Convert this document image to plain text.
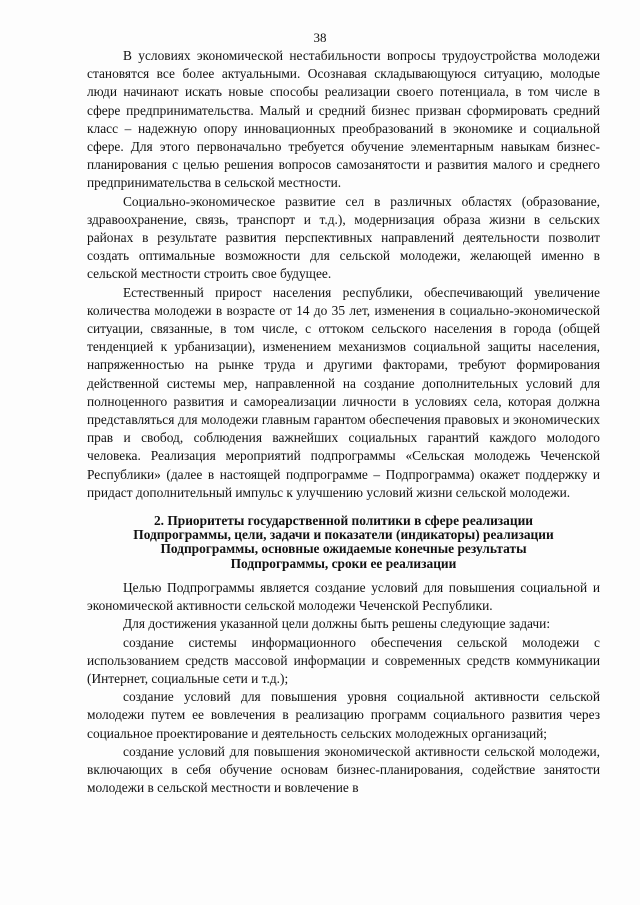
38

В условиях экономической нестабильности вопросы трудоустройства молодежи становятся все более актуальными. Осознавая складывающуюся ситуацию, молодые люди начинают искать новые способы реализации своего потенциала, в том числе в сфере предпринимательства. Малый и средний бизнес призван сформировать средний класс – надежную опору инновационных преобразований в экономике и социальной сфере. Для этого первоначально требуется обучение элементарным навыкам бизнес-планирования с целью решения вопросов самозанятости и развития малого и среднего предпринимательства в сельской местности.

Социально-экономическое развитие сел в различных областях (образование, здравоохранение, связь, транспорт и т.д.), модернизация образа жизни в сельских районах в результате развития перспективных направлений деятельности позволит создать оптимальные возможности для сельской молодежи, желающей именно в сельской местности строить свое будущее.

Естественный прирост населения республики, обеспечивающий увеличение количества молодежи в возрасте от 14 до 35 лет, изменения в социально-экономической ситуации, связанные, в том числе, с оттоком сельского населения в города (общей тенденцией к урбанизации), изменением механизмов социальной защиты населения, напряженностью на рынке труда и другими факторами, требуют формирования действенной системы мер, направленной на создание дополнительных условий для полноценного развития и самореализации личности в условиях села, которая должна представляться для молодежи главным гарантом обеспечения правовых и экономических прав и свобод, соблюдения важнейших социальных гарантий каждого молодого человека. Реализация мероприятий подпрограммы «Сельская молодежь Чеченской Республики» (далее в настоящей подпрограмме – Подпрограмма) окажет поддержку и придаст дополнительный импульс к улучшению условий жизни сельской молодежи.

2. Приоритеты государственной политики в сфере реализации
Подпрограммы, цели, задачи и показатели (индикаторы) реализации
Подпрограммы, основные ожидаемые конечные результаты
Подпрограммы, сроки ее реализации

Целью Подпрограммы является создание условий для повышения социальной и экономической активности сельской молодежи Чеченской Республики.

Для достижения указанной цели должны быть решены следующие задачи:

создание системы информационного обеспечения сельской молодежи с использованием средств массовой информации и современных средств коммуникации (Интернет, социальные сети и т.д.);

создание условий для повышения уровня социальной активности сельской молодежи путем ее вовлечения в реализацию программ социального развития через социальное проектирование и деятельность сельских молодежных организаций;

создание условий для повышения экономической активности сельской молодежи, включающих в себя обучение основам бизнес-планирования, содействие занятости молодежи в сельской местности и вовлечение в
